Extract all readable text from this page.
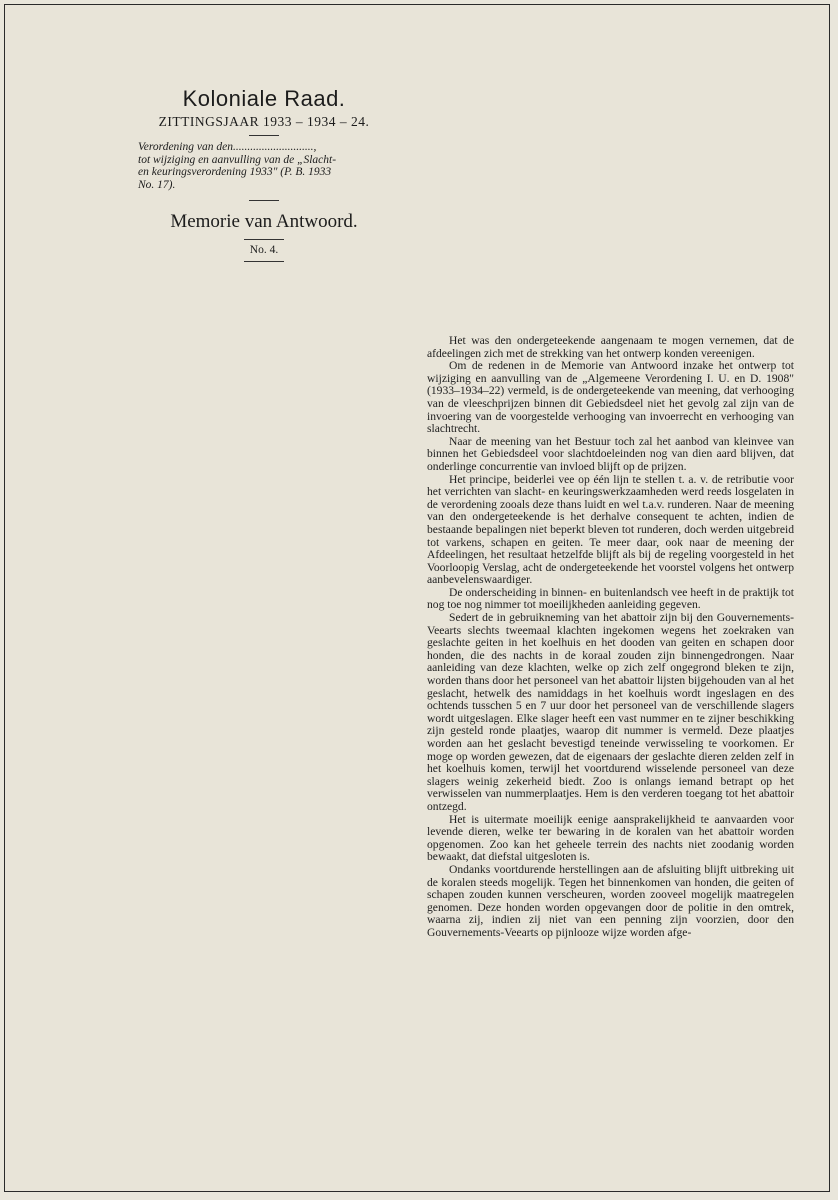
Koloniale Raad.
ZITTINGSJAAR 1933 – 1934 – 24.
Verordening van den............................,
tot wijziging en aanvulling van de „Slacht-
en keuringsverordening 1933" (P. B. 1933
No. 17).
Memorie van Antwoord.
No. 4.

Het was den ondergeteekende aangenaam te mogen vernemen, dat de afdeelingen zich met de strekking van het ontwerp konden vereenigen.

Om de redenen in de Memorie van Antwoord inzake het ontwerp tot wijziging en aanvulling van de „Algemeene Verordening I. U. en D. 1908" (1933–1934–22) vermeld, is de ondergeteekende van meening, dat verhooging van de vleeschprijzen binnen dit Gebiedsdeel niet het gevolg zal zijn van de invoering van de voorgestelde verhooging van invoerrecht en verhooging van slachtrecht.

Naar de meening van het Bestuur toch zal het aanbod van kleinvee van binnen het Gebiedsdeel voor slachtdoeleinden nog van dien aard blijven, dat onderlinge concurrentie van invloed blijft op de prijzen.

Het principe, beiderlei vee op één lijn te stellen t. a. v. de retributie voor het verrichten van slacht- en keuringswerkzaamheden werd reeds losgelaten in de verordening zooals deze thans luidt en wel t.a.v. runderen. Naar de meening van den ondergeteekende is het derhalve consequent te achten, indien de bestaande bepalingen niet beperkt bleven tot runderen, doch werden uitgebreid tot varkens, schapen en geiten. Te meer daar, ook naar de meening der Afdeelingen, het resultaat hetzelfde blijft als bij de regeling voorgesteld in het Voorloopig Verslag, acht de ondergeteekende het voorstel volgens het ontwerp aanbevelenswaardiger.

De onderscheiding in binnen- en buitenlandsch vee heeft in de praktijk tot nog toe nog nimmer tot moeilijkheden aanleiding gegeven.

Sedert de in gebruikneming van het abattoir zijn bij den Gouvernements-Veearts slechts tweemaal klachten ingekomen wegens het zoekraken van geslachte geiten in het koelhuis en het dooden van geiten en schapen door honden, die des nachts in de koraal zouden zijn binnengedrongen. Naar aanleiding van deze klachten, welke op zich zelf ongegrond bleken te zijn, worden thans door het personeel van het abattoir lijsten bijgehouden van al het geslacht, hetwelk des namiddags in het koelhuis wordt ingeslagen en des ochtends tusschen 5 en 7 uur door het personeel van de verschillende slagers wordt uitgeslagen. Elke slager heeft een vast nummer en te zijner beschikking zijn gesteld ronde plaatjes, waarop dit nummer is vermeld. Deze plaatjes worden aan het geslacht bevestigd teneinde verwisseling te voorkomen. Er moge op worden gewezen, dat de eigenaars der geslachte dieren zelden zelf in het koelhuis komen, terwijl het voortdurend wisselende personeel van deze slagers weinig zekerheid biedt. Zoo is onlangs iemand betrapt op het verwisselen van nummerplaatjes. Hem is den verderen toegang tot het abattoir ontzegd.

Het is uitermate moeilijk eenige aansprakelijkheid te aanvaarden voor levende dieren, welke ter bewaring in de koralen van het abattoir worden opgenomen. Zoo kan het geheele terrein des nachts niet zoodanig worden bewaakt, dat diefstal uitgesloten is.

Ondanks voortdurende herstellingen aan de afsluiting blijft uitbreking uit de koralen steeds mogelijk. Tegen het binnenkomen van honden, die geiten of schapen zouden kunnen verscheuren, worden zooveel mogelijk maatregelen genomen. Deze honden worden opgevangen door de politie in den omtrek, waarna zij, indien zij niet van een penning zijn voorzien, door den Gouvernements-Veearts op pijnlooze wijze worden afge-
